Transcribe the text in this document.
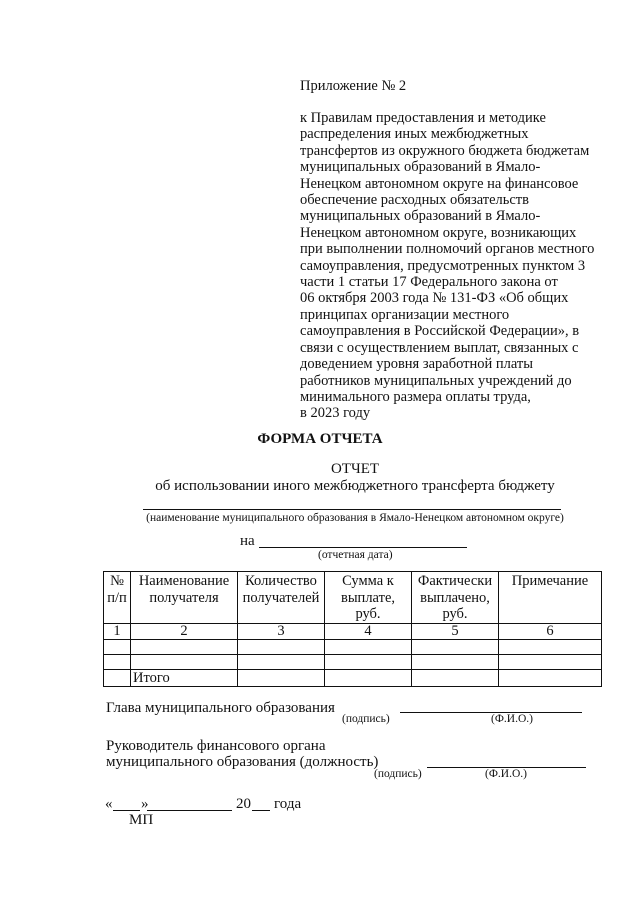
Приложение № 2
к Правилам предоставления и методике
распределения иных межбюджетных
трансфертов из окружного бюджета бюджетам
муниципальных образований в Ямало-
Ненецком автономном округе на финансовое
обеспечение расходных обязательств
муниципальных образований в Ямало-
Ненецком автономном округе, возникающих
при выполнении полномочий органов местного
самоуправления, предусмотренных пунктом 3
части 1 статьи 17 Федерального закона от
06 октября 2003 года № 131-ФЗ «Об общих
принципах организации местного
самоуправления в Российской Федерации», в
связи с осуществлением выплат, связанных с
доведением уровня заработной платы
работников муниципальных учреждений до
минимального размера оплаты труда,
в 2023 году
ФОРМА ОТЧЕТА
ОТЧЕТ
об использовании иного межбюджетного трансферта бюджету
(наименование муниципального образования в Ямало-Ненецком автономном округе)
на
(отчетная дата)
№ п/п	Наименование получателя	Количество получателей	Сумма к выплате, руб.	Фактически выплачено, руб.	Примечание
1	2	3	4	5	6

	Итого				
Глава муниципального образования
(подпись)	(Ф.И.О.)
Руководитель финансового органа
муниципального образования (должность)
(подпись)	(Ф.И.О.)
« »	20 года
МП
